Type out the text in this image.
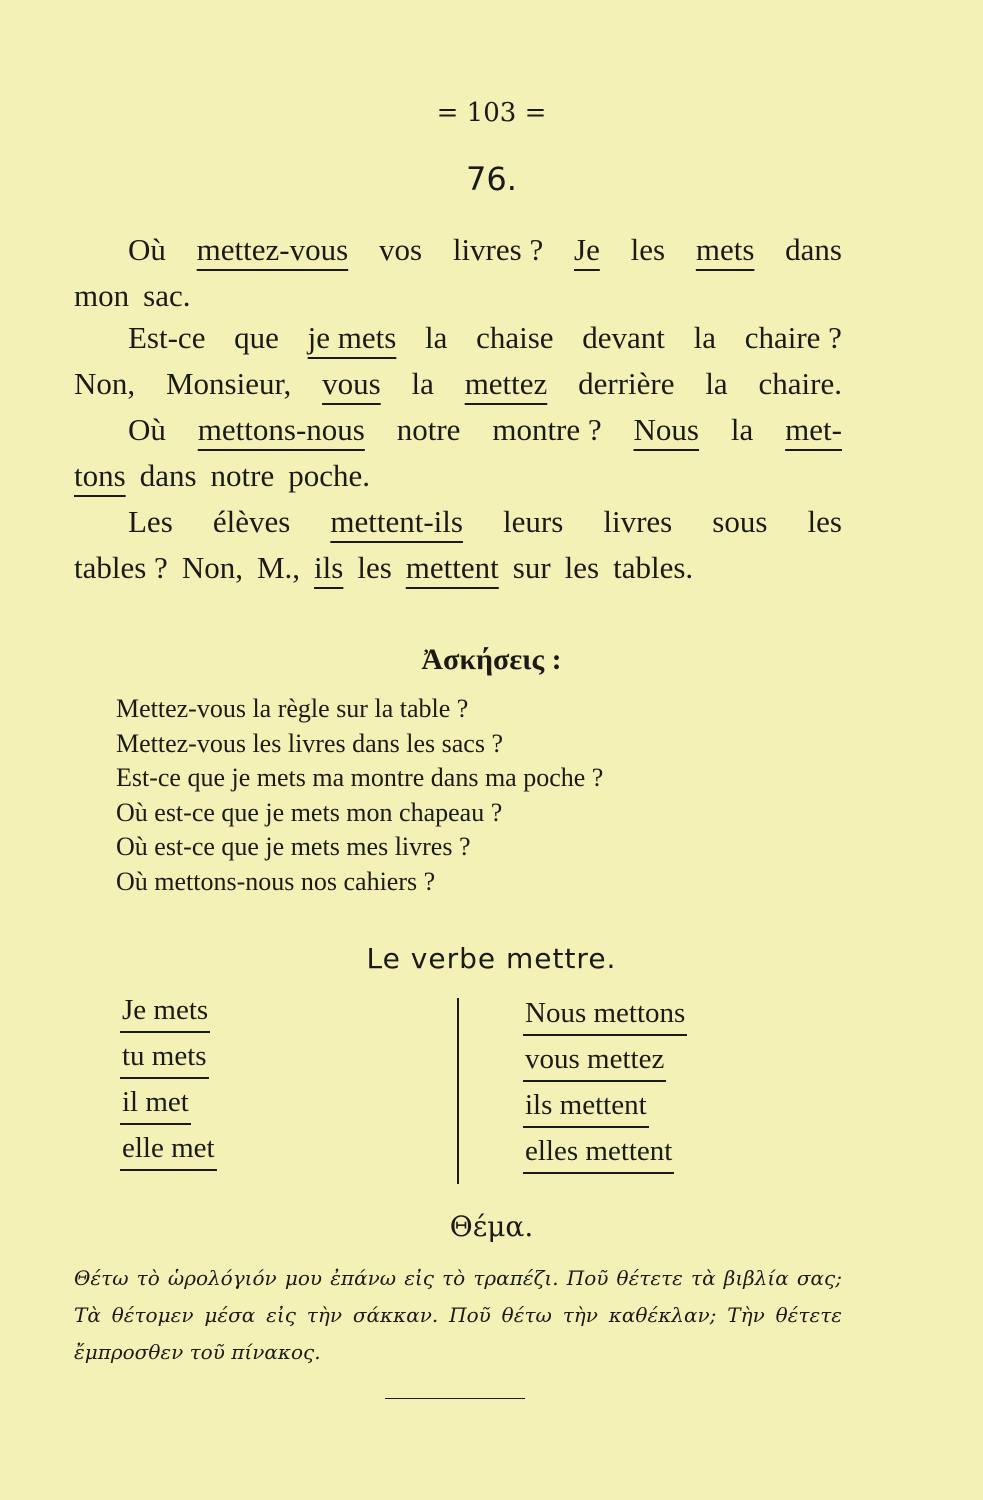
= 103 =
76.
Où mettez-vous vos livres ? Je les mets dans
mon sac.
Est-ce que je mets la chaise devant la chaire ?
Non, Monsieur, vous la mettez derrière la chaire.
Où mettons-nous notre montre ? Nous la met-
tons dans notre poche.
Les élèves mettent-ils leurs livres sous les
tables ? Non, M., ils les mettent sur les tables.
Ἀσκήσεις :
Mettez-vous la règle sur la table ?
Mettez-vous les livres dans les sacs ?
Est-ce que je mets ma montre dans ma poche ?
Où est-ce que je mets mon chapeau ?
Où est-ce que je mets mes livres ?
Où mettons-nous nos cahiers ?
Le verbe mettre.
Je mets
tu mets
il met
elle met
Nous mettons
vous mettez
ils mettent
elles mettent
Θέμα.

Θέτω τὸ ὡρολόγιόν μου ἐπάνω εἰς τὸ τραπέζι. Ποῦ θέτετε τὰ βιβλία σας; Τὰ θέτομεν μέσα εἰς τὴν σάκκαν. Ποῦ θέτω τὴν καθέκλαν; Τὴν θέτετε ἔμπροσθεν τοῦ πίνακος.
